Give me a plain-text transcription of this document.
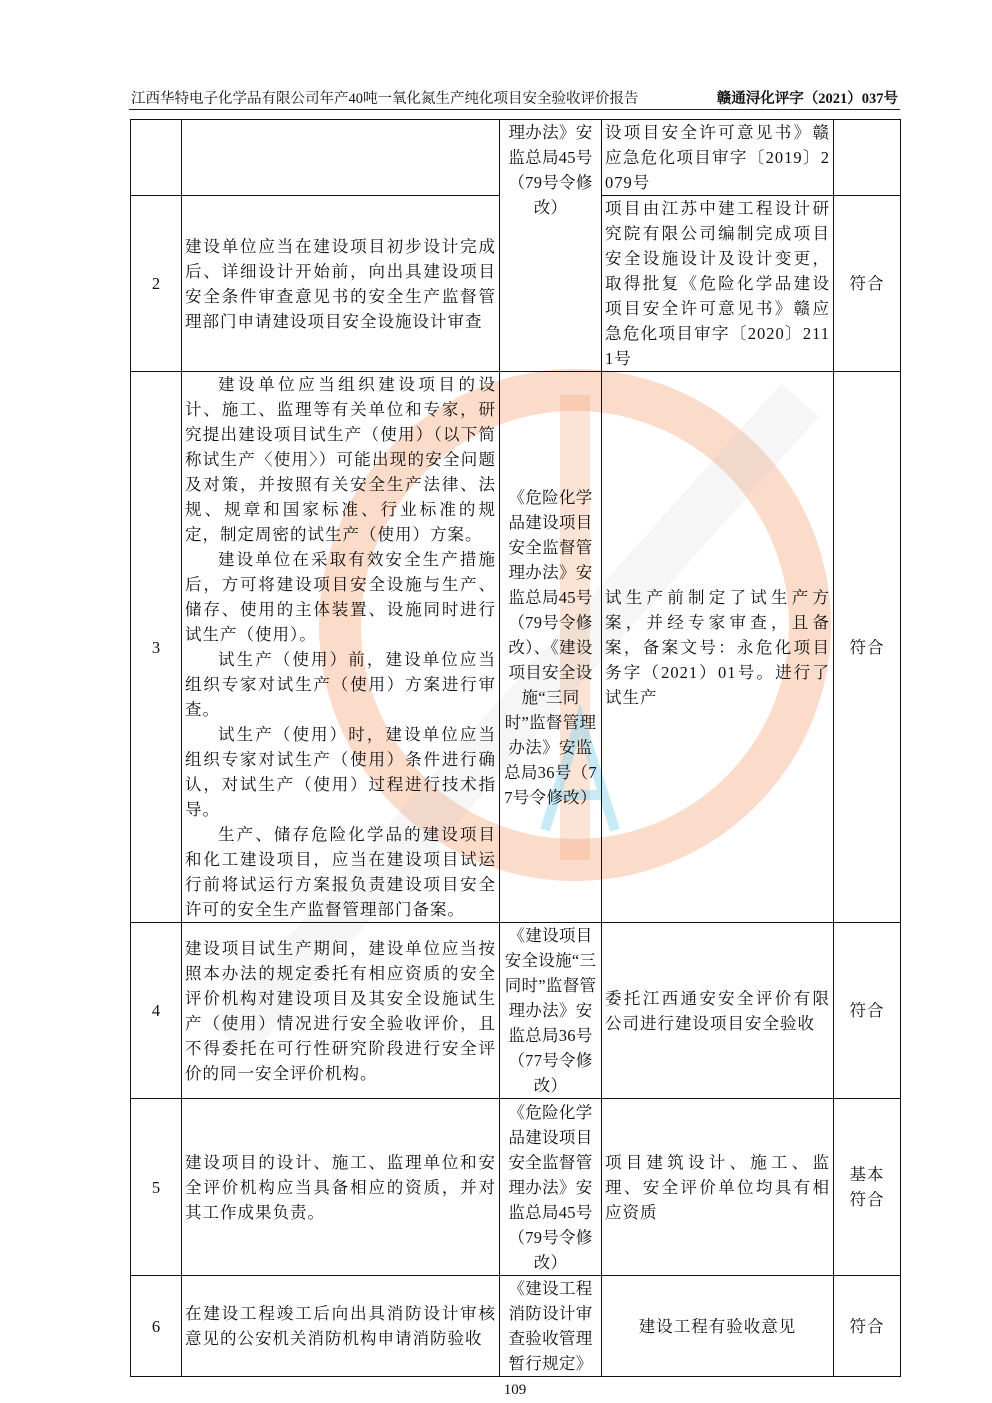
江西华特电子化学品有限公司年产40吨一氧化氮生产纯化项目安全验收评价报告	赣通浔化评字（2021）037号
		理办法》安监总局45号（79号令修改）	设项目安全许可意见书》赣应急危化项目审字〔2019〕2079号	
2	建设单位应当在建设项目初步设计完成后、详细设计开始前，向出具建设项目安全条件审查意见书的安全生产监督管理部门申请建设项目安全设施设计审查		项目由江苏中建工程设计研究院有限公司编制完成项目安全设施设计及设计变更，取得批复《危险化学品建设项目安全许可意见书》赣应急危化项目审字〔2020〕2111号	符合
3	建设单位应当组织建设项目的设计、施工、监理等有关单位和专家，研究提出建设项目试生产（使用）（以下简称试生产〈使用〉）可能出现的安全问题及对策，并按照有关安全生产法律、法规、规章和国家标准、行业标准的规定，制定周密的试生产（使用）方案。
建设单位在采取有效安全生产措施后，方可将建设项目安全设施与生产、储存、使用的主体装置、设施同时进行试生产（使用）。
试生产（使用）前，建设单位应当组织专家对试生产（使用）方案进行审查。
试生产（使用）时，建设单位应当组织专家对试生产（使用）条件进行确认，对试生产（使用）过程进行技术指导。
生产、储存危险化学品的建设项目和化工建设项目，应当在建设项目试运行前将试运行方案报负责建设项目安全许可的安全生产监督管理部门备案。	《危险化学品建设项目安全监督管理办法》安监总局45号（79号令修改）、《建设项目安全设施“三同时”监督管理办法》安监总局36号（77号令修改）	试生产前制定了试生产方案，并经专家审查，且备案，备案文号：永危化项目务字（2021）01号。进行了试生产	符合
4	建设项目试生产期间，建设单位应当按照本办法的规定委托有相应资质的安全评价机构对建设项目及其安全设施试生产（使用）情况进行安全验收评价，且不得委托在可行性研究阶段进行安全评价的同一安全评价机构。	《建设项目安全设施“三同时”监督管理办法》安监总局36号（77号令修改）	委托江西通安安全评价有限公司进行建设项目安全验收	符合
5	建设项目的设计、施工、监理单位和安全评价机构应当具备相应的资质，并对其工作成果负责。	《危险化学品建设项目安全监督管理办法》安监总局45号（79号令修改）	项目建筑设计、施工、监理、安全评价单位均具有相应资质	基本符合
6	在建设工程竣工后向出具消防设计审核意见的公安机关消防机构申请消防验收	《建设工程消防设计审查验收管理暂行规定》	建设工程有验收意见	符合
109
